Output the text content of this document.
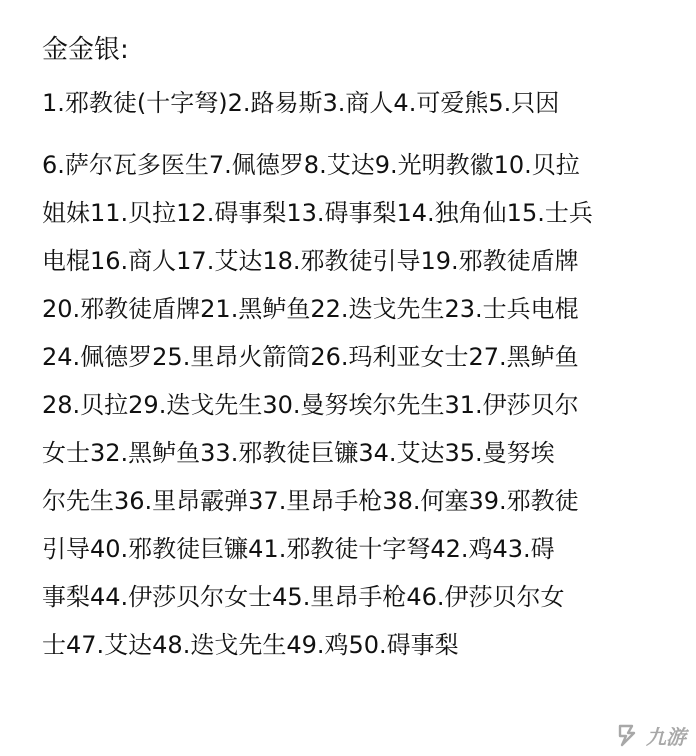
金金银:

1.邪教徒(十字弩)2.路易斯3.商人4.可爱熊5.只因

6.萨尔瓦多医生7.佩德罗8.艾达9.光明教徽10.贝拉
姐妹11.贝拉12.碍事梨13.碍事梨14.独角仙15.士兵
电棍16.商人17.艾达18.邪教徒引导19.邪教徒盾牌
20.邪教徒盾牌21.黑鲈鱼22.迭戈先生23.士兵电棍
24.佩德罗25.里昂火箭筒26.玛利亚女士27.黑鲈鱼
28.贝拉29.迭戈先生30.曼努埃尔先生31.伊莎贝尔
女士32.黑鲈鱼33.邪教徒巨镰34.艾达35.曼努埃
尔先生36.里昂霰弹37.里昂手枪38.何塞39.邪教徒
引导40.邪教徒巨镰41.邪教徒十字弩42.鸡43.碍
事梨44.伊莎贝尔女士45.里昂手枪46.伊莎贝尔女
士47.艾达48.迭戈先生49.鸡50.碍事梨

九游
